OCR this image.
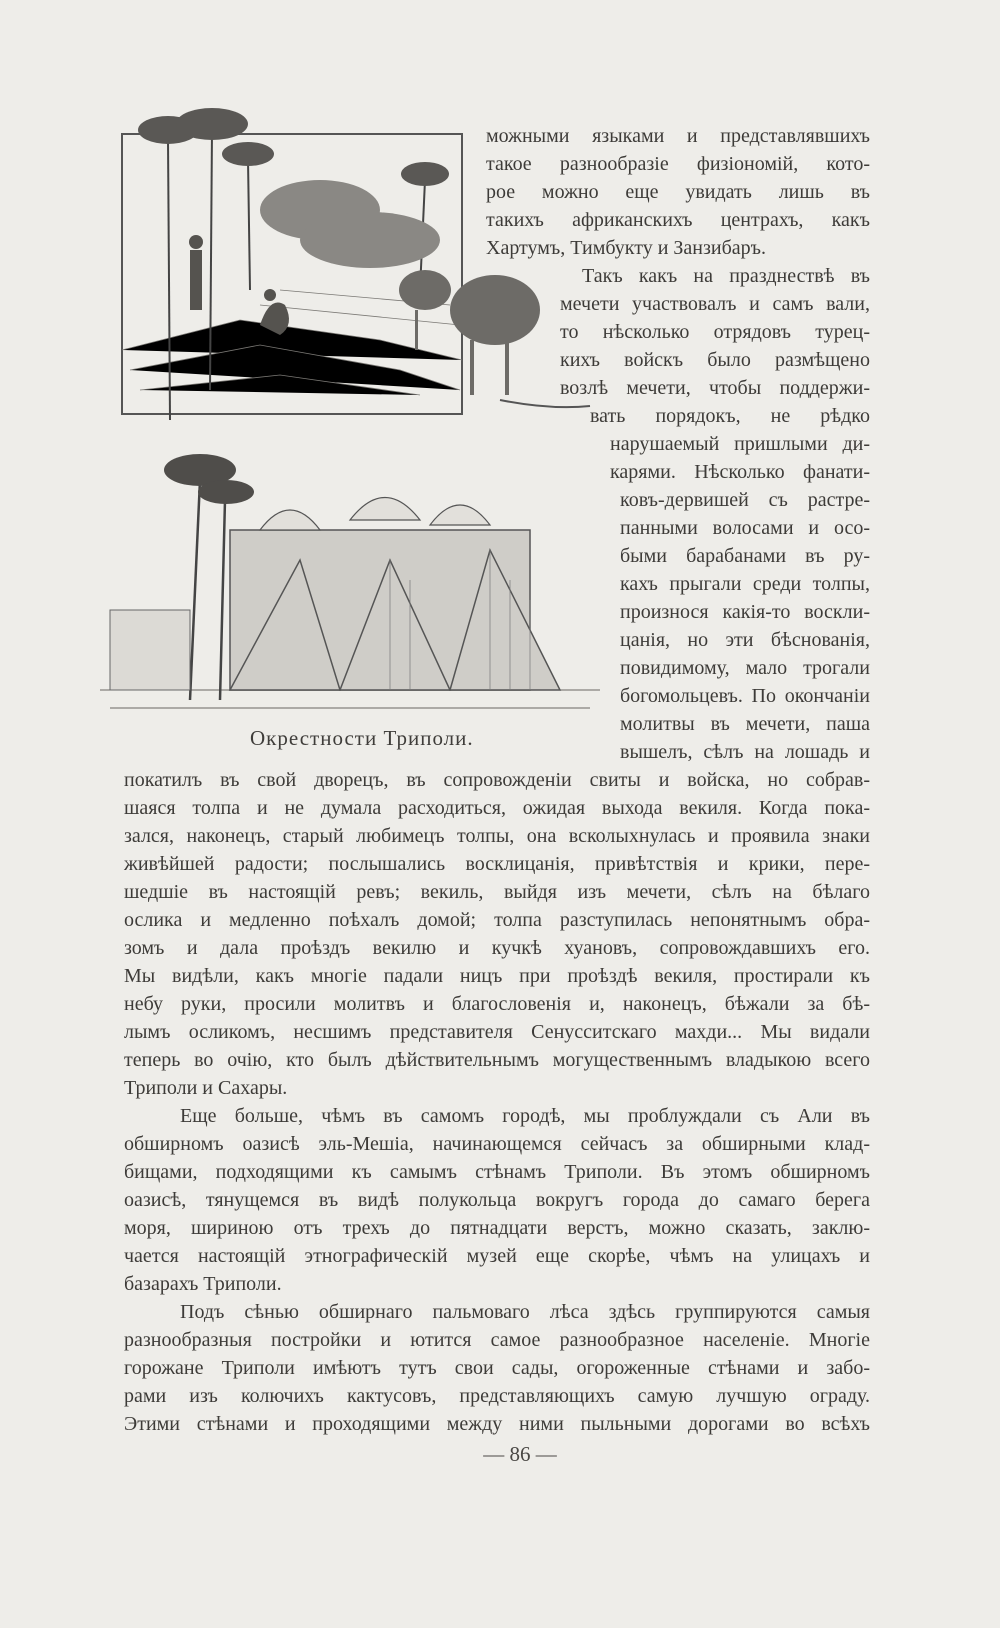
Окрестности Триполи.
можными языками и представлявшихъ
такое разнообразіе физіономій, кото-
рое можно еще увидать лишь въ
такихъ африканскихъ центрахъ, какъ
Хартумъ, Тимбукту и Занзибаръ.
Такъ какъ на празднествѣ въ
мечети участвовалъ и самъ вали,
то нѣсколько отрядовъ турец-
кихъ войскъ было размѣщено
возлѣ мечети, чтобы поддержи-
вать порядокъ, не рѣдко
нарушаемый пришлыми ди-
карями. Нѣсколько фанати-
ковъ-дервишей съ растре-
панными волосами и осо-
быми барабанами въ ру-
кахъ прыгали среди толпы,
произнося какія-то воскли-
цанія, но эти бѣснованія,
повидимому, мало трогали
богомольцевъ. По окончаніи
молитвы въ мечети, паша
вышелъ, сѣлъ на лошадь и
покатилъ въ свой дворецъ, въ сопровожденіи свиты и войска, но собрав-
шаяся толпа и не думала расходиться, ожидая выхода векиля. Когда пока-
зался, наконецъ, старый любимецъ толпы, она всколыхнулась и проявила знаки
живѣйшей радости; послышались восклицанія, привѣтствія и крики, пере-
шедшіе въ настоящій ревъ; векиль, выйдя изъ мечети, сѣлъ на бѣлаго
ослика и медленно поѣхалъ домой; толпа разступилась непонятнымъ обра-
зомъ и дала проѣздъ векилю и кучкѣ хуановъ, сопровождавшихъ его.
Мы видѣли, какъ многіе падали ницъ при проѣздѣ векиля, простирали къ
небу руки, просили молитвъ и благословенія и, наконецъ, бѣжали за бѣ-
лымъ осликомъ, несшимъ представителя Сенусситскаго махди... Мы видали
теперь во очію, кто былъ дѣйствительнымъ могущественнымъ владыкою всего
Триполи и Сахары.
Еще больше, чѣмъ въ самомъ городѣ, мы проблуждали съ Али въ
обширномъ оазисѣ эль-Мешіа, начинающемся сейчасъ за обширными клад-
бищами, подходящими къ самымъ стѣнамъ Триполи. Въ этомъ обширномъ
оазисѣ, тянущемся въ видѣ полукольца вокругъ города до самаго берега
моря, шириною отъ трехъ до пятнадцати верстъ, можно сказать, заклю-
чается настоящій этнографическій музей еще скорѣе, чѣмъ на улицахъ и
базарахъ Триполи.
Подъ сѣнью обширнаго пальмоваго лѣса здѣсь группируются самыя
разнообразныя постройки и ютится самое разнообразное населеніе. Многіе
горожане Триполи имѣютъ тутъ свои сады, огороженные стѣнами и забо-
рами изъ колючихъ кактусовъ, представляющихъ самую лучшую ограду.
Этими стѣнами и проходящими между ними пыльными дорогами во всѣхъ
— 86 —
